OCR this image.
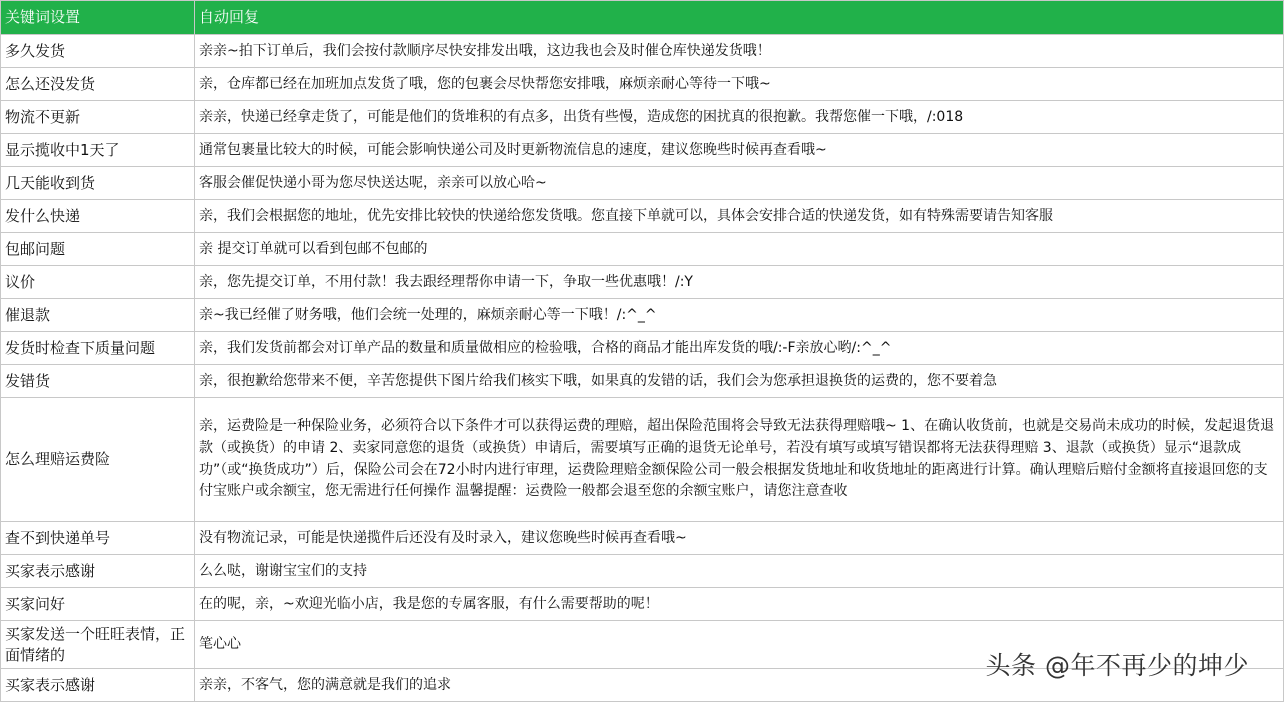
关键词设置	自动回复
多久发货	亲亲~拍下订单后，我们会按付款顺序尽快安排发出哦，这边我也会及时催仓库快递发货哦！
怎么还没发货	亲，仓库都已经在加班加点发货了哦，您的包裹会尽快帮您安排哦，麻烦亲耐心等待一下哦~
物流不更新	亲亲，快递已经拿走货了，可能是他们的货堆积的有点多，出货有些慢，造成您的困扰真的很抱歉。我帮您催一下哦，/:018
显示揽收中1天了	通常包裹量比较大的时候，可能会影响快递公司及时更新物流信息的速度，建议您晚些时候再查看哦~
几天能收到货	客服会催促快递小哥为您尽快送达呢，亲亲可以放心哈~
发什么快递	亲，我们会根据您的地址，优先安排比较快的快递给您发货哦。您直接下单就可以，具体会安排合适的快递发货，如有特殊需要请告知客服
包邮问题	亲 提交订单就可以看到包邮不包邮的
议价	亲，您先提交订单，不用付款！我去跟经理帮你申请一下，争取一些优惠哦！/:Y
催退款	亲~我已经催了财务哦，他们会统一处理的，麻烦亲耐心等一下哦！/:^_^
发货时检查下质量问题	亲，我们发货前都会对订单产品的数量和质量做相应的检验哦，合格的商品才能出库发货的哦/:-F亲放心哟/:^_^
发错货	亲，很抱歉给您带来不便，辛苦您提供下图片给我们核实下哦，如果真的发错的话，我们会为您承担退换货的运费的，您不要着急
怎么理赔运费险	亲，运费险是一种保险业务，必须符合以下条件才可以获得运费的理赔，超出保险范围将会导致无法获得理赔哦~ 1、在确认收货前，也就是交易尚未成功的时候，发起退货退款（或换货）的申请 2、卖家同意您的退货（或换货）申请后，需要填写正确的退货无论单号，若没有填写或填写错误都将无法获得理赔 3、退款（或换货）显示“退款成功”（或“换货成功”）后，保险公司会在72小时内进行审理，运费险理赔金额保险公司一般会根据发货地址和收货地址的距离进行计算。确认理赔后赔付金额将直接退回您的支付宝账户或余额宝，您无需进行任何操作 温馨提醒：运费险一般都会退至您的余额宝账户，请您注意查收
查不到快递单号	没有物流记录，可能是快递揽件后还没有及时录入，建议您晚些时候再查看哦~
买家表示感谢	么么哒，谢谢宝宝们的支持
买家问好	在的呢，亲，~欢迎光临小店，我是您的专属客服，有什么需要帮助的呢！
买家发送一个旺旺表情，正面情绪的	笔心心
买家表示感谢	亲亲，不客气，您的满意就是我们的追求
头条 @年不再少的坤少
